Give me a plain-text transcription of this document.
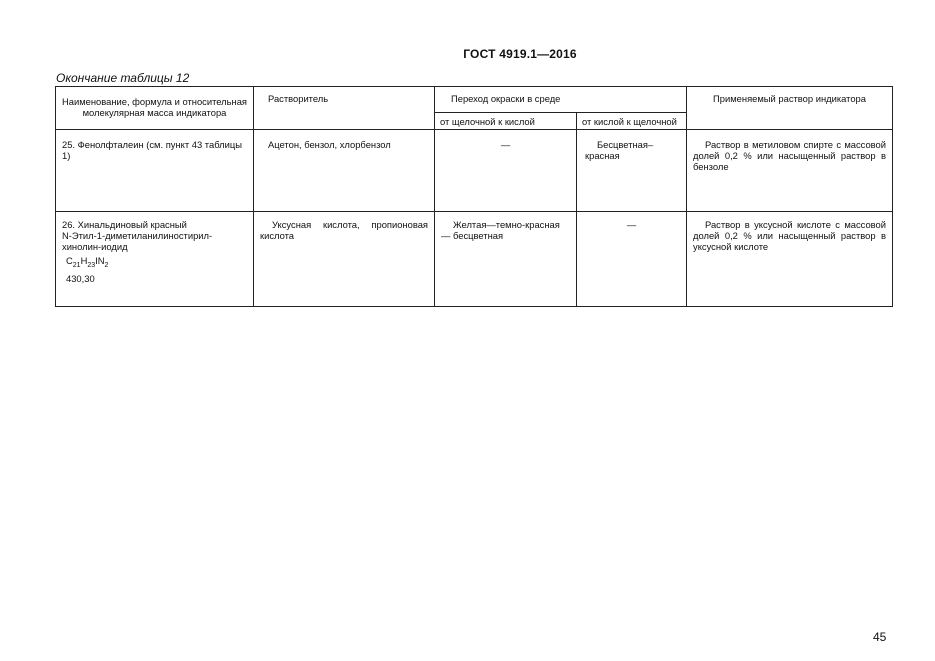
ГОСТ 4919.1—2016
Окончание таблицы 12
Наименование, формула и относительная молекулярная масса индикатора	Растворитель	Переход окраски в среде		Применяемый раствор индикатора
		от щелочной к кислой	от кислой к щелочной	
25. Фенолфталеин (см. пункт 43 таблицы 1)	Ацетон, бензол, хлорбензол	—	Бесцветная–красная	Раствор в метиловом спирте с массовой долей 0,2 % или насыщенный раствор в бензоле

26. Хинальдиновый красный
N-Этил-1-диметиланилиностирил-хинолин-иодид
$C_{21}H_{23}IN_2$
430,30	Уксусная кислота, пропионовая кислота	Желтая—темно-красная — бесцветная	—	Раствор в уксусной кислоте с массовой долей 0,2 % или насыщенный раствор в уксусной кислоте
45
